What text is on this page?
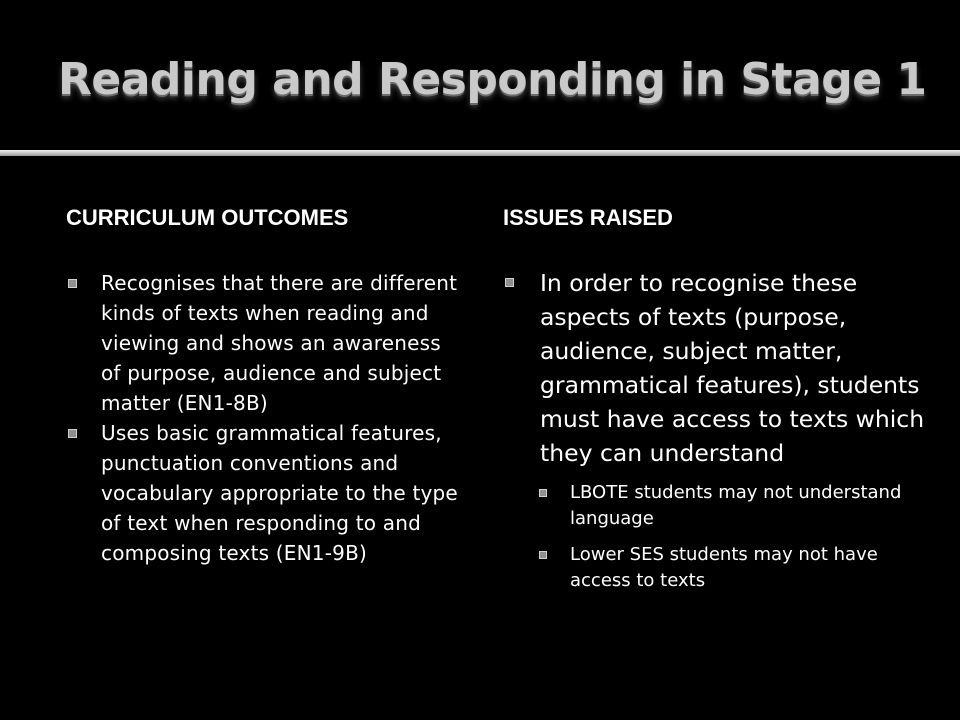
Reading and Responding in Stage 1
CURRICULUM OUTCOMES	ISSUES RAISED
Recognises that there are different kinds of texts when reading and viewing and shows an awareness of purpose, audience and subject matter (EN1-8B)
Uses basic grammatical features, punctuation conventions and vocabulary appropriate to the type of text when responding to and composing texts (EN1-9B)
In order to recognise these aspects of texts (purpose, audience, subject matter, grammatical features), students must have access to texts which they can understand
LBOTE students may not understand language
Lower SES students may not have access to texts
